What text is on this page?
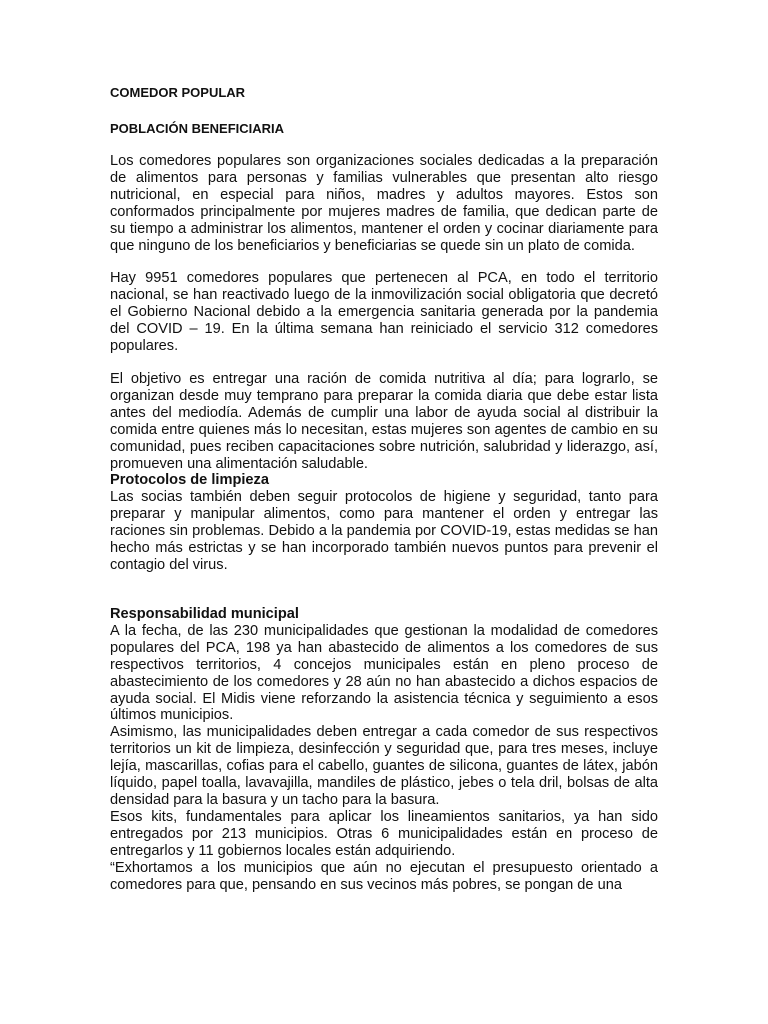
COMEDOR POPULAR
POBLACIÓN BENEFICIARIA

Los comedores populares son organizaciones sociales dedicadas a la preparación de alimentos para personas y familias vulnerables que presentan alto riesgo nutricional, en especial para niños, madres y adultos mayores. Estos son conformados principalmente por mujeres madres de familia, que dedican parte de su tiempo a administrar los alimentos, mantener el orden y cocinar diariamente para que ninguno de los beneficiarios y beneficiarias se quede sin un plato de comida.

Hay 9951 comedores populares que pertenecen al PCA, en todo el territorio nacional, se han reactivado luego de la inmovilización social obligatoria que decretó el Gobierno Nacional debido a la emergencia sanitaria generada por la pandemia del COVID – 19. En la última semana han reiniciado el servicio 312 comedores populares.

El objetivo es entregar una ración de comida nutritiva al día; para lograrlo, se organizan desde muy temprano para preparar la comida diaria que debe estar lista antes del mediodía. Además de cumplir una labor de ayuda social al distribuir la comida entre quienes más lo necesitan, estas mujeres son agentes de cambio en su comunidad, pues reciben capacitaciones sobre nutrición, salubridad y liderazgo, así, promueven una alimentación saludable.

Protocolos de limpieza

Las socias también deben seguir protocolos de higiene y seguridad, tanto para preparar y manipular alimentos, como para mantener el orden y entregar las raciones sin problemas. Debido a la pandemia por COVID-19, estas medidas se han hecho más estrictas y se han incorporado también nuevos puntos para prevenir el contagio del virus.

Responsabilidad municipal

A la fecha, de las 230 municipalidades que gestionan la modalidad de comedores populares del PCA, 198 ya han abastecido de alimentos a los comedores de sus respectivos territorios, 4 concejos municipales están en pleno proceso de abastecimiento de los comedores y 28 aún no han abastecido a dichos espacios de ayuda social. El Midis viene reforzando la asistencia técnica y seguimiento a esos últimos municipios.

Asimismo, las municipalidades deben entregar a cada comedor de sus respectivos territorios un kit de limpieza, desinfección y seguridad que, para tres meses, incluye lejía, mascarillas, cofias para el cabello, guantes de silicona, guantes de látex, jabón líquido, papel toalla, lavavajilla, mandiles de plástico, jebes o tela dril, bolsas de alta densidad para la basura y un tacho para la basura.

Esos kits, fundamentales para aplicar los lineamientos sanitarios, ya han sido entregados por 213 municipios. Otras 6 municipalidades están en proceso de entregarlos y 11 gobiernos locales están adquiriendo.

“Exhortamos a los municipios que aún no ejecutan el presupuesto orientado a comedores para que, pensando en sus vecinos más pobres, se pongan de una
